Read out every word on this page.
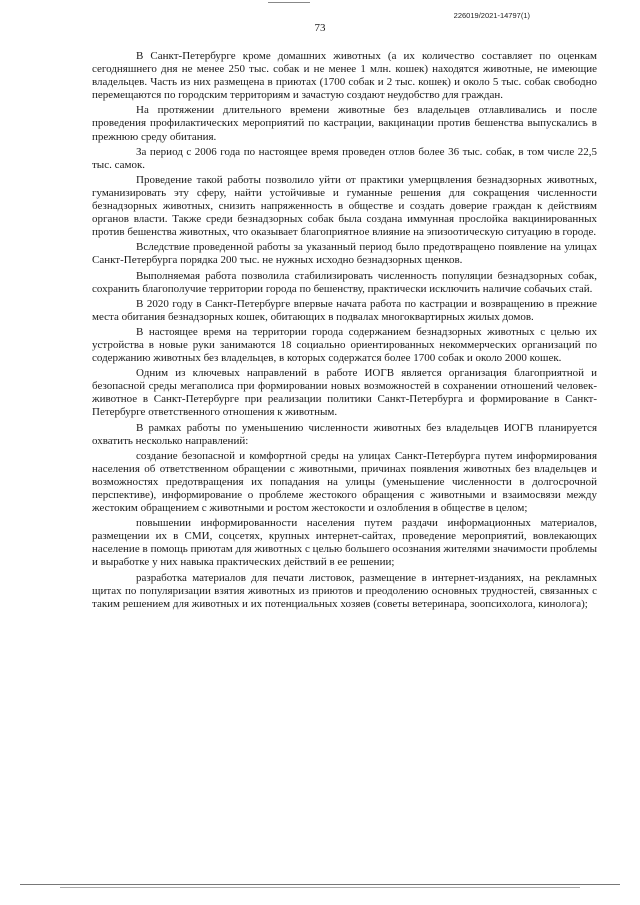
226019/2021-14797(1)
73

В Санкт-Петербурге кроме домашних животных (а их количество составляет по оценкам сегодняшнего дня не менее 250 тыс. собак и не менее 1 млн. кошек) находятся животные, не имеющие владельцев. Часть из них размещена в приютах (1700 собак и 2 тыс. кошек) и около 5 тыс. собак свободно перемещаются по городским территориям и зачастую создают неудобство для граждан.

На протяжении длительного времени животные без владельцев отлавливались и после проведения профилактических мероприятий по кастрации, вакцинации против бешенства выпускались в прежнюю среду обитания.

За период с 2006 года по настоящее время проведен отлов более 36 тыс. собак, в том числе 22,5 тыс. самок.

Проведение такой работы позволило уйти от практики умерщвления безнадзорных животных, гуманизировать эту сферу, найти устойчивые и гуманные решения для сокращения численности безнадзорных животных, снизить напряженность в обществе и создать доверие граждан к действиям органов власти. Также среди безнадзорных собак была создана иммунная прослойка вакцинированных против бешенства животных, что оказывает благоприятное влияние на эпизоотическую ситуацию в городе.

Вследствие проведенной работы за указанный период было предотвращено появление на улицах Санкт-Петербурга порядка 200 тыс. не нужных исходно безнадзорных щенков.

Выполняемая работа позволила стабилизировать численность популяции безнадзорных собак, сохранить благополучие территории города по бешенству, практически исключить наличие собачьих стай.

В 2020 году в Санкт-Петербурге впервые начата работа по кастрации и возвращению в прежние места обитания безнадзорных кошек, обитающих в подвалах многоквартирных жилых домов.

В настоящее время на территории города содержанием безнадзорных животных с целью их устройства в новые руки занимаются 18 социально ориентированных некоммерческих организаций по содержанию животных без владельцев, в которых содержатся более 1700 собак и около 2000 кошек.

Одним из ключевых направлений в работе ИОГВ является организация благоприятной и безопасной среды мегаполиса при формировании новых возможностей в сохранении отношений человек-животное в Санкт-Петербурге при реализации политики Санкт-Петербурга и формирование в Санкт-Петербурге ответственного отношения к животным.

В рамках работы по уменьшению численности животных без владельцев ИОГВ планируется охватить несколько направлений:

создание безопасной и комфортной среды на улицах Санкт-Петербурга путем информирования населения об ответственном обращении с животными, причинах появления животных без владельцев и возможностях предотвращения их попадания на улицы (уменьшение численности в долгосрочной перспективе), информирование о проблеме жестокого обращения с животными и взаимосвязи между жестоким обращением с животными и ростом жестокости и озлобления в обществе в целом;

повышении информированности населения путем раздачи информационных материалов, размещении их в СМИ, соцсетях, крупных интернет-сайтах, проведение мероприятий, вовлекающих население в помощь приютам для животных с целью большего осознания жителями значимости проблемы и выработке у них навыка практических действий в ее решении;

разработка материалов для печати листовок, размещение в интернет-изданиях, на рекламных щитах по популяризации взятия животных из приютов и преодолению основных трудностей, связанных с таким решением для животных и их потенциальных хозяев (советы ветеринара, зоопсихолога, кинолога);
